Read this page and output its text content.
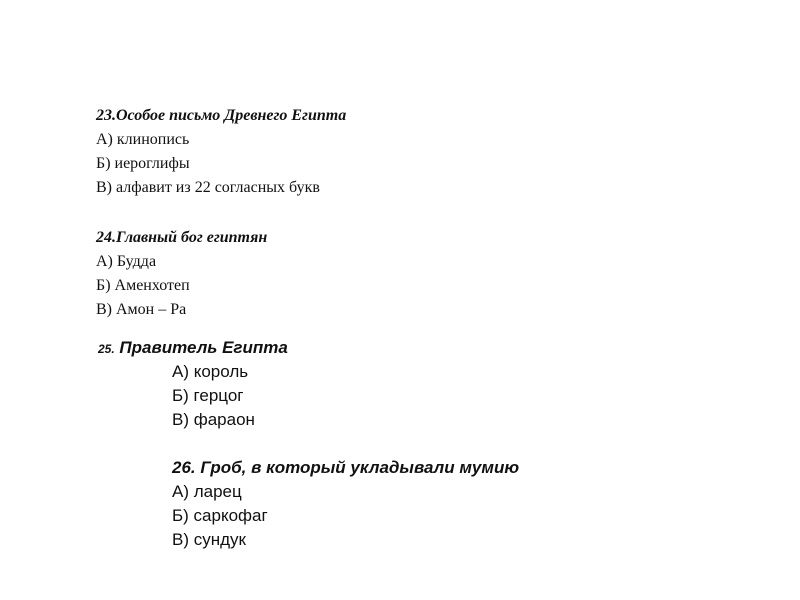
23.Особое письмо Древнего Египта
А) клинопись
Б) иероглифы
В) алфавит из 22 согласных букв
24.Главный бог египтян
А) Будда
Б) Аменхотеп
В) Амон – Ра
25. Правитель Египта
А) король
Б) герцог
В) фараон
26. Гроб, в который укладывали мумию
А) ларец
Б) саркофаг
В) сундук
